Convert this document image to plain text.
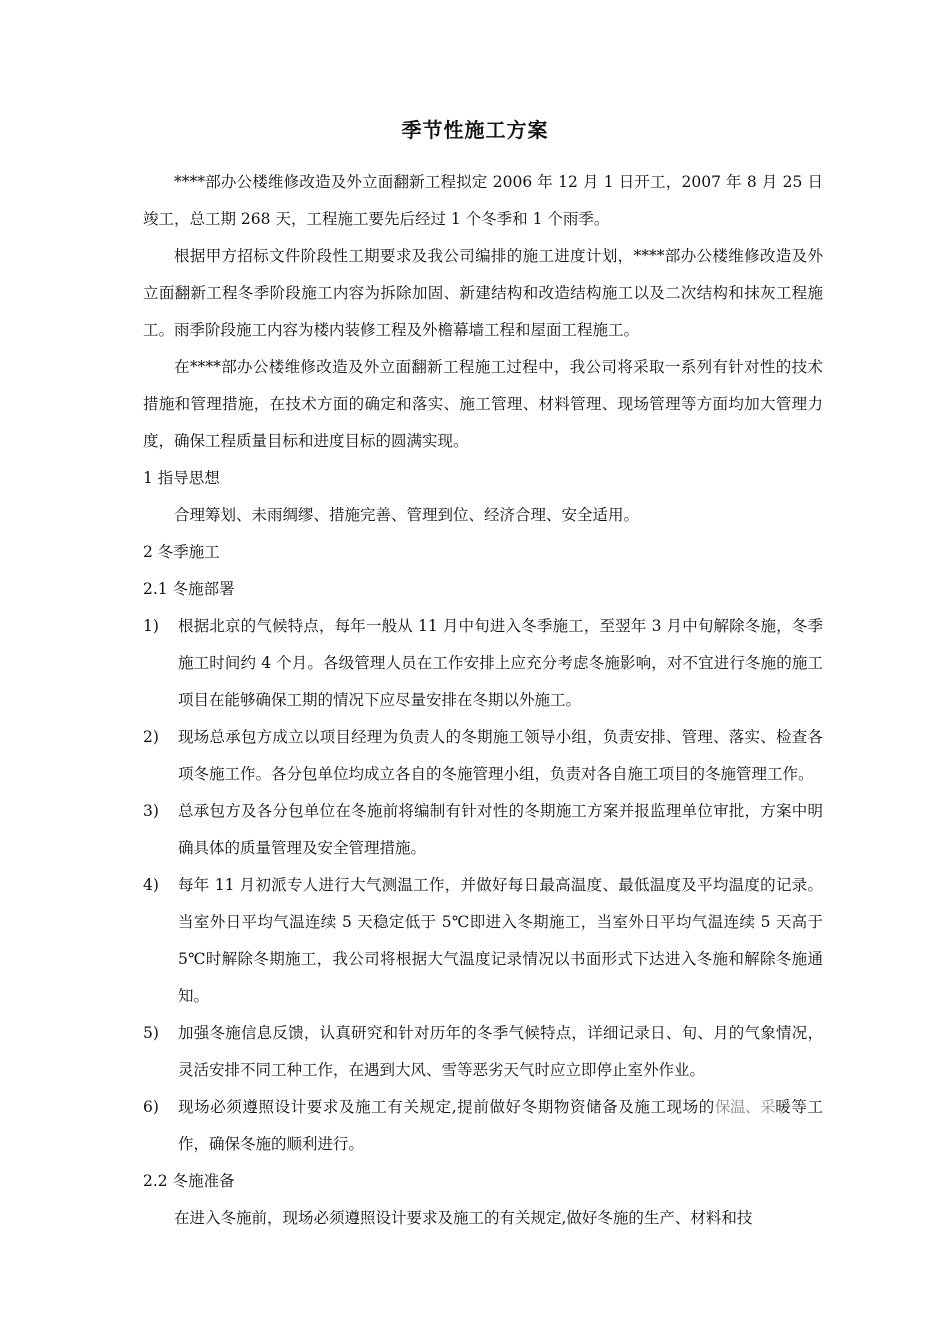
季节性施工方案

****部办公楼维修改造及外立面翻新工程拟定 2006 年 12 月 1 日开工，2007 年 8 月 25 日竣工，总工期 268 天，工程施工要先后经过 1 个冬季和 1 个雨季。

根据甲方招标文件阶段性工期要求及我公司编排的施工进度计划，****部办公楼维修改造及外立面翻新工程冬季阶段施工内容为拆除加固、新建结构和改造结构施工以及二次结构和抹灰工程施工。雨季阶段施工内容为楼内装修工程及外檐幕墙工程和屋面工程施工。

在****部办公楼维修改造及外立面翻新工程施工过程中，我公司将采取一系列有针对性的技术措施和管理措施，在技术方面的确定和落实、施工管理、材料管理、现场管理等方面均加大管理力度，确保工程质量目标和进度目标的圆满实现。

1 指导思想

合理筹划、未雨绸缪、措施完善、管理到位、经济合理、安全适用。

2 冬季施工

2.1 冬施部署

1)	根据北京的气候特点，每年一般从 11 月中旬进入冬季施工，至翌年 3 月中旬解除冬施，冬季施工时间约 4 个月。各级管理人员在工作安排上应充分考虑冬施影响，对不宜进行冬施的施工项目在能够确保工期的情况下应尽量安排在冬期以外施工。
2)	现场总承包方成立以项目经理为负责人的冬期施工领导小组，负责安排、管理、落实、检查各项冬施工作。各分包单位均成立各自的冬施管理小组，负责对各自施工项目的冬施管理工作。
3)	总承包方及各分包单位在冬施前将编制有针对性的冬期施工方案并报监理单位审批，方案中明确具体的质量管理及安全管理措施。
4)	每年 11 月初派专人进行大气测温工作，并做好每日最高温度、最低温度及平均温度的记录。当室外日平均气温连续 5 天稳定低于 5℃即进入冬期施工，当室外日平均气温连续 5 天高于 5℃时解除冬期施工，我公司将根据大气温度记录情况以书面形式下达进入冬施和解除冬施通知。
5)	加强冬施信息反馈，认真研究和针对历年的冬季气候特点，详细记录日、旬、月的气象情况，灵活安排不同工种工作，在遇到大风、雪等恶劣天气时应立即停止室外作业。
6)	现场必须遵照设计要求及施工有关规定,提前做好冬期物资储备及施工现场的保温、采暖等工作，确保冬施的顺利进行。

2.2 冬施准备

在进入冬施前，现场必须遵照设计要求及施工的有关规定,做好冬施的生产、材料和技
